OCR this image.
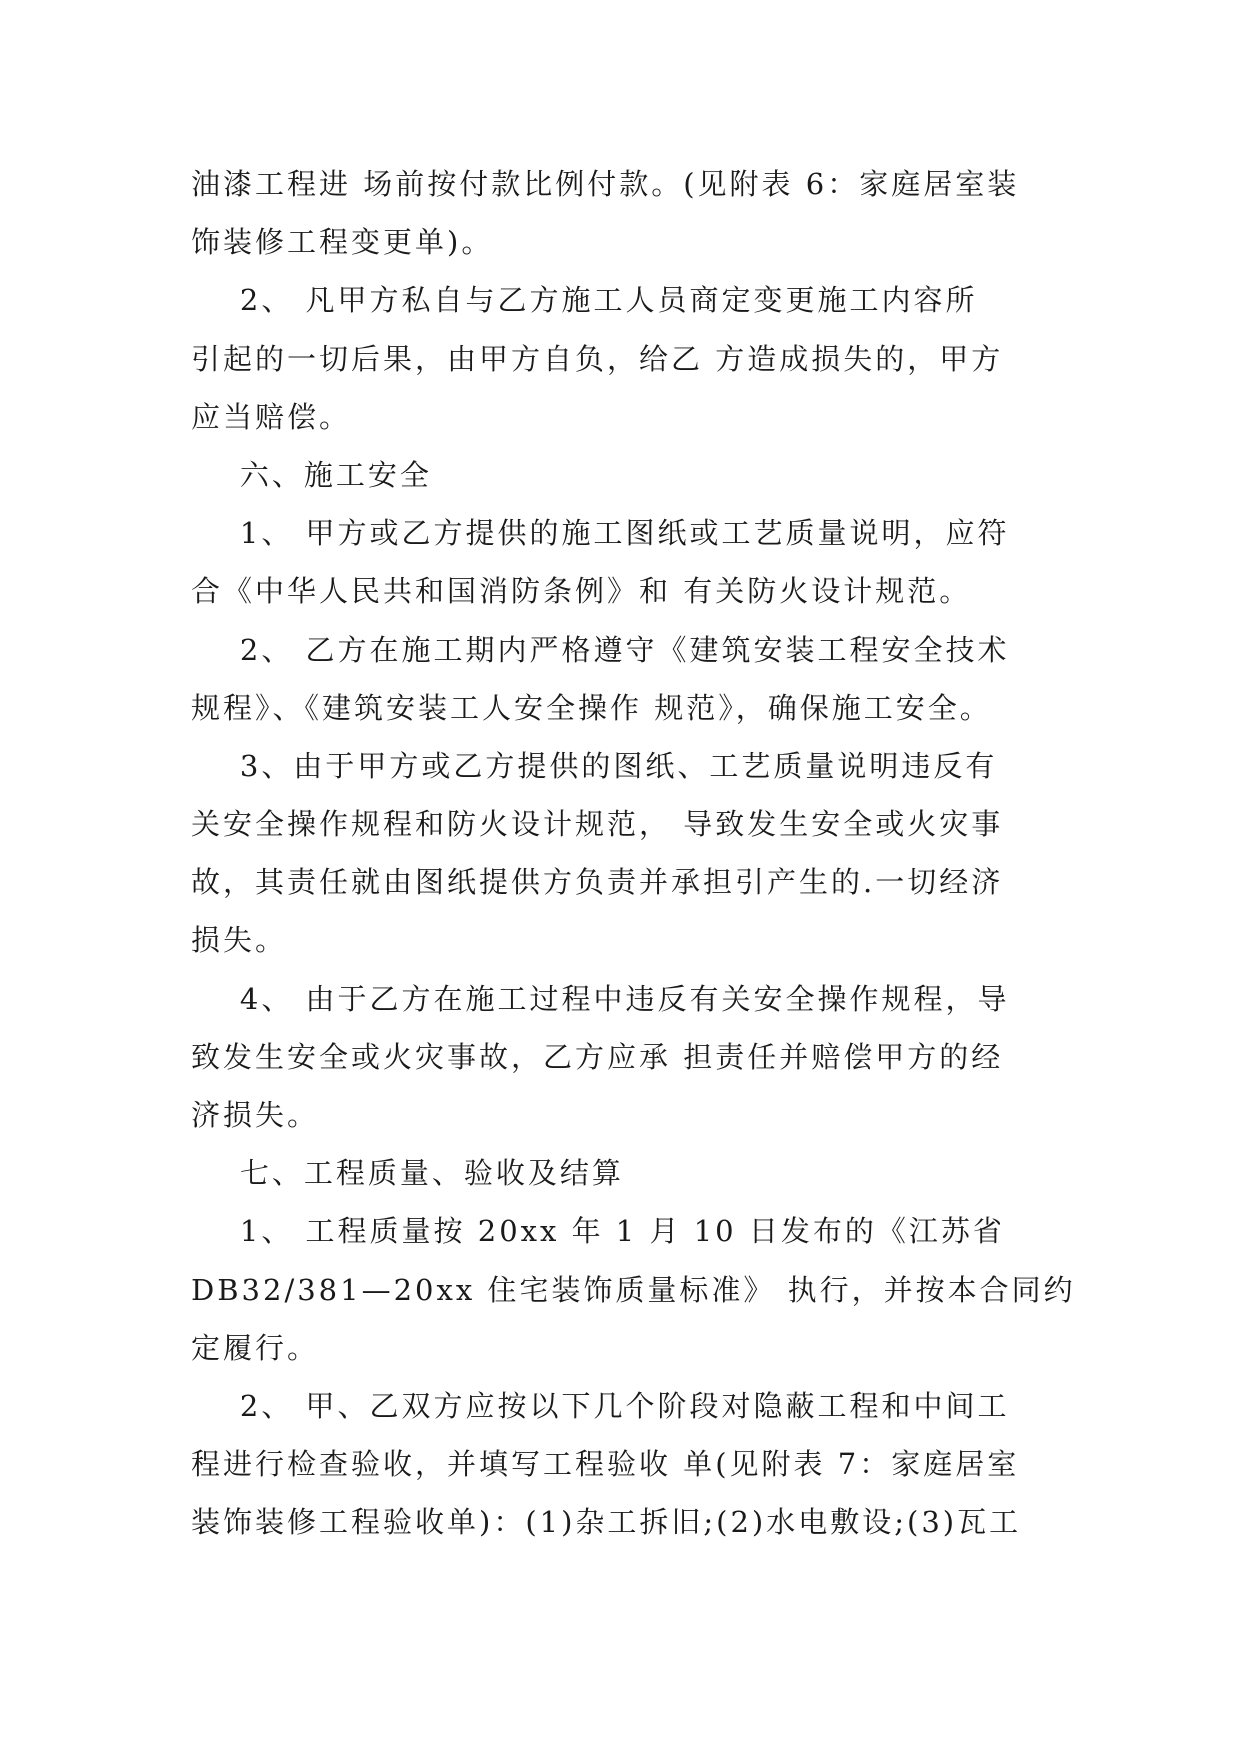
油漆工程进 场前按付款比例付款。(见附表 6：家庭居室装
饰装修工程变更单)。
2、 凡甲方私自与乙方施工人员商定变更施工内容所
引起的一切后果，由甲方自负，给乙 方造成损失的，甲方
应当赔偿。
六、施工安全
1、 甲方或乙方提供的施工图纸或工艺质量说明，应符
合《中华人民共和国消防条例》和 有关防火设计规范。
2、 乙方在施工期内严格遵守《建筑安装工程安全技术
规程》、《建筑安装工人安全操作 规范》，确保施工安全。
3、由于甲方或乙方提供的图纸、工艺质量说明违反有
关安全操作规程和防火设计规范， 导致发生安全或火灾事
故，其责任就由图纸提供方负责并承担引产生的.一切经济
损失。
4、 由于乙方在施工过程中违反有关安全操作规程，导
致发生安全或火灾事故，乙方应承 担责任并赔偿甲方的经
济损失。
七、工程质量、验收及结算
1、 工程质量按 20xx 年 1 月 10 日发布的《江苏省
DB32/381—20xx 住宅装饰质量标准》 执行，并按本合同约
定履行。
2、 甲、乙双方应按以下几个阶段对隐蔽工程和中间工
程进行检查验收，并填写工程验收 单(见附表 7：家庭居室
装饰装修工程验收单)：(1)杂工拆旧;(2)水电敷设;(3)瓦工
